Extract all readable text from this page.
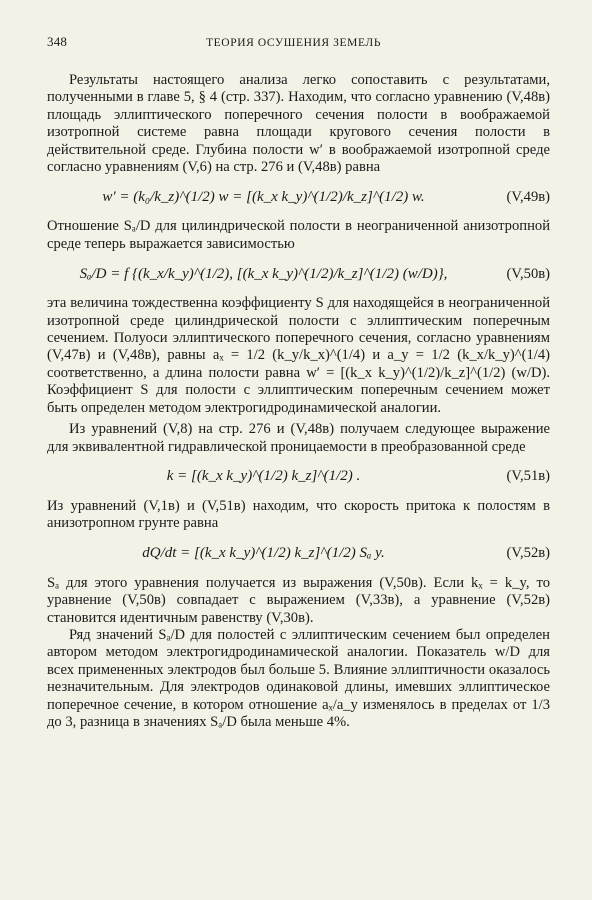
348	ТЕОРИЯ ОСУШЕНИЯ ЗЕМЕЛЬ

Результаты настоящего анализа легко сопоставить с результатами, полученными в главе 5, § 4 (стр. 337). Находим, что согласно уравнению (V,48в) площадь эллиптического поперечного сечения полости в воображаемой изотропной системе равна площади кругового сечения полости в действительной среде. Глубина полости w′ в воображаемой изотропной среде согласно уравнениям (V,6) на стр. 276 и (V,48в) равна

w′ = (k₀/k_z)^(1/2) w = [(k_x k_y)^(1/2)/k_z]^(1/2) w.	(V,49в)

Отношение Sₐ/D для цилиндрической полости в неограниченной анизотропной среде теперь выражается зависимостью

Sₐ/D = f {(k_x/k_y)^(1/2), [(k_x k_y)^(1/2)/k_z]^(1/2) (w/D)},	(V,50в)

эта величина тождественна коэффициенту S для находящейся в неограниченной изотропной среде цилиндрической полости с эллиптическим поперечным сечением. Полуоси эллиптического поперечного сечения, согласно уравнениям (V,47в) и (V,48в), равны aₓ = 1/2 (k_y/k_x)^(1/4) и a_y = 1/2 (k_x/k_y)^(1/4) соответственно, а длина полости равна w′ = [(k_x k_y)^(1/2)/k_z]^(1/2) (w/D). Коэффициент S для полости с эллиптическим поперечным сечением может быть определен методом электрогидродинамической аналогии.

Из уравнений (V,8) на стр. 276 и (V,48в) получаем следующее выражение для эквивалентной гидравлической проницаемости в преобразованной среде

k = [(k_x k_y)^(1/2) k_z]^(1/2) .	(V,51в)

Из уравнений (V,1в) и (V,51в) находим, что скорость притока к полостям в анизотропном грунте равна

dQ/dt = [(k_x k_y)^(1/2) k_z]^(1/2) Sₐ y.	(V,52в)

Sₐ для этого уравнения получается из выражения (V,50в). Если kₓ = k_y, то уравнение (V,50в) совпадает с выражением (V,33в), а уравнение (V,52в) становится идентичным равенству (V,30в).

Ряд значений Sₐ/D для полостей с эллиптическим сечением был определен автором методом электрогидродинамической аналогии. Показатель w/D для всех примененных электродов был больше 5. Влияние эллиптичности оказалось незначительным. Для электродов одинаковой длины, имевших эллиптическое поперечное сечение, в котором отношение aₓ/a_y изменялось в пределах от 1/3 до 3, разница в значениях Sₐ/D была меньше 4%.
